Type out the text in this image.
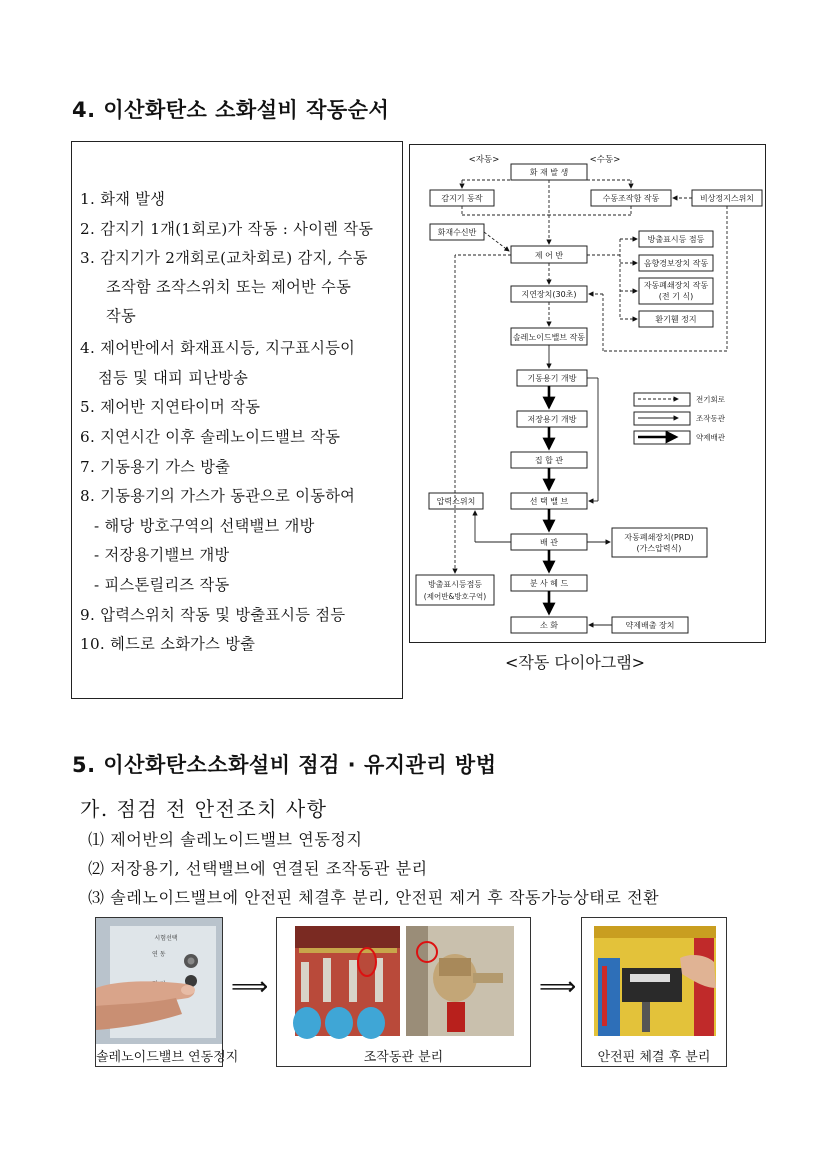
4. 이산화탄소 소화설비 작동순서
1. 화재 발생
2. 감지기 1개(1회로)가 작동 : 사이렌 작동
3. 감지기가 2개회로(교차회로) 감지, 수동
조작함 조작스위치 또는 제어반 수동
작동
4. 제어반에서 화재표시등, 지구표시등이
점등 및 대피 피난방송
5. 제어반 지연타이머 작동
6. 지연시간 이후 솔레노이드밸브 작동
7. 기동용기 가스 방출
8. 기동용기의 가스가 동관으로 이동하여
- 해당 방호구역의 선택밸브 개방
- 저장용기밸브 개방
- 피스톤릴리즈 작동
9. 압력스위치 작동 및 방출표시등 점등
10. 헤드로 소화가스 방출
<자동>	<수동>
화 재 발 생
감지기 동작	수동조작함 작동	비상정지스위치
화재수신반
제 어 반
지연장치(30초)
솔레노이드밸브 작동
기동용기 개방
저장용기 개방
집 합 관
선 택 밸 브
압력스위치
배 관
방출표시등점등
(제어반&방호구역)
분 사 헤 드
소 화	약제배출 장치
자동폐쇄장치(PRD)
(가스압력식)
방출표시등 점등
음향경보장치 작동
자동폐쇄장치 작동
(전 기 식)
환기휀 정지
전기회로
조작동관
약제배관
<작동 다이아그램>
5. 이산화탄소소화설비 점검 · 유지관리 방법
가. 점검 전 안전조치 사항
⑴ 제어반의 솔레노이드밸브 연동정지
⑵ 저장용기, 선택밸브에 연결된 조작동관 분리
⑶ 솔레노이드밸브에 안전핀 체결후 분리, 안전핀 제거 후 작동가능상태로 전환
시험선택
연 동
솔레노이드밸브 연동정지
⟹
조작동관 분리
⟹
안전핀 체결 후 분리
